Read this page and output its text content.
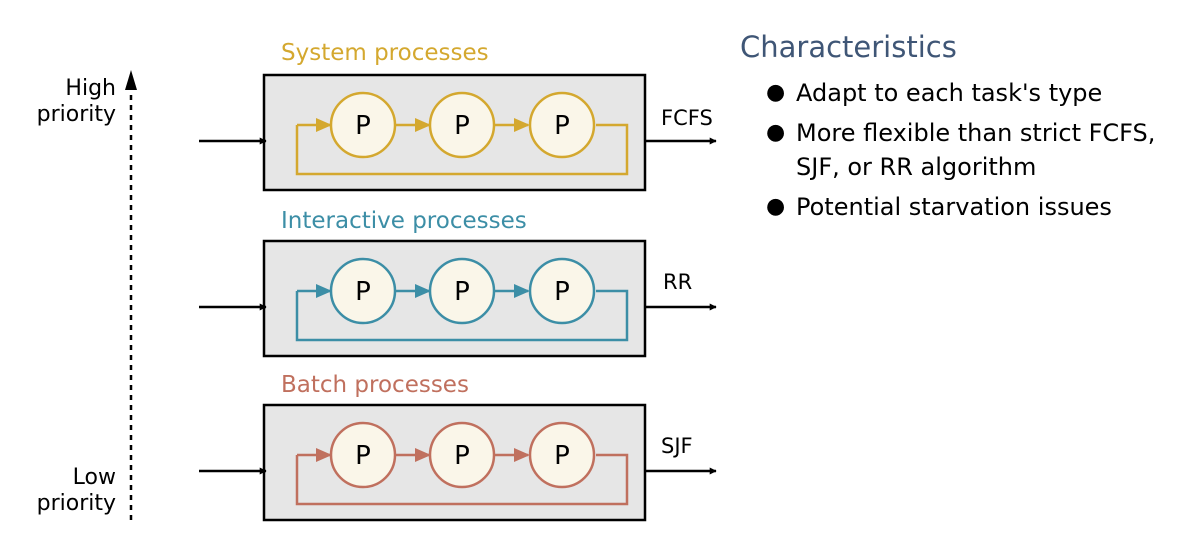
High
priority
Low
priority
System processes
FCFS
P	P	P
Interactive processes
RR
P	P	P
Batch processes
SJF
P	P	P
Characteristics
● Adapt to each task's type
● More flexible than strict FCFS, SJF, or RR algorithm
● Potential starvation issues
